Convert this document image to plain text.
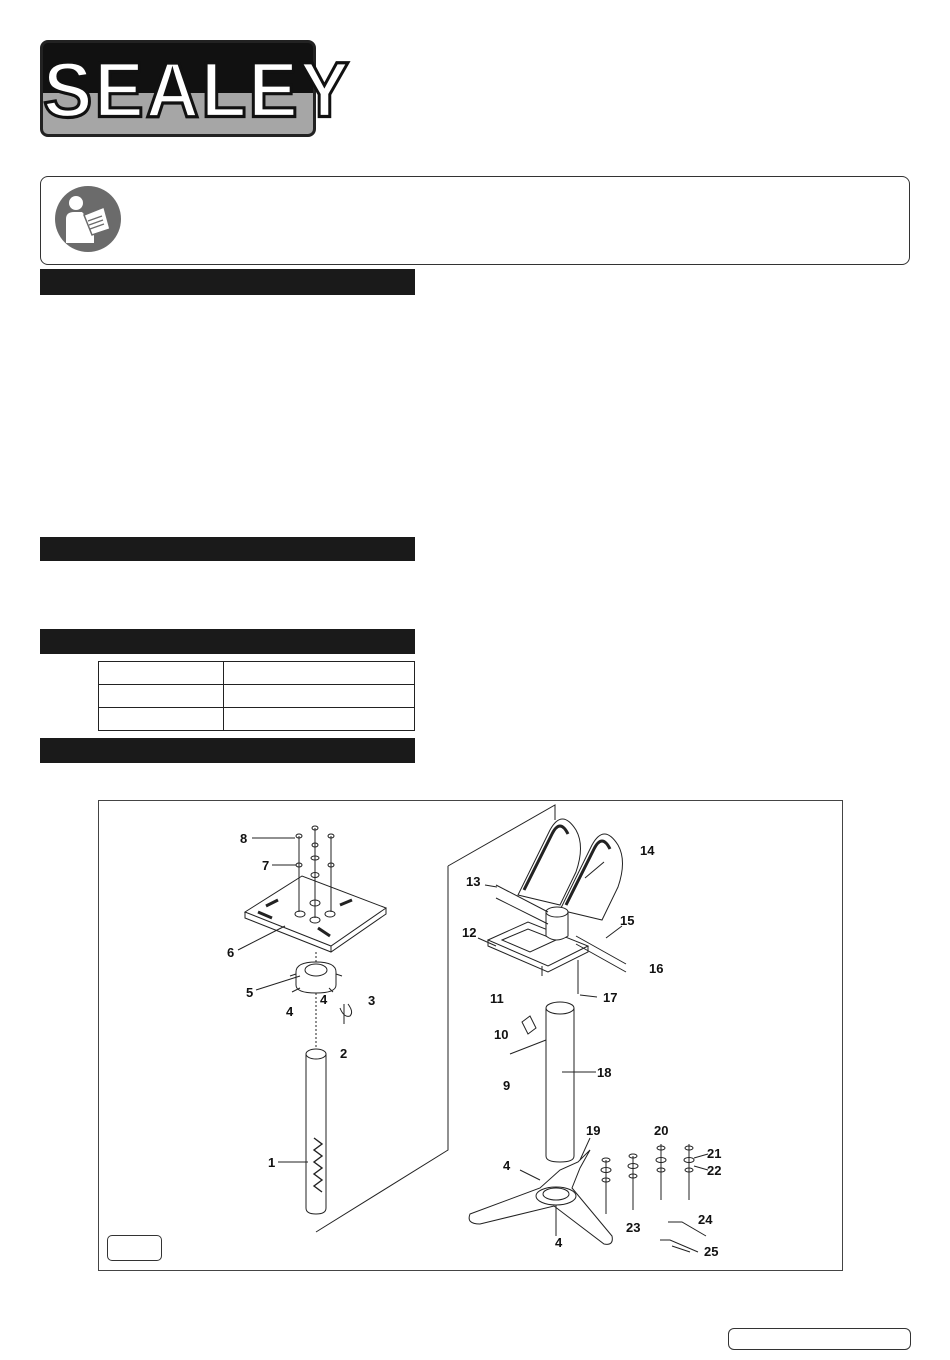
SEALEY

1
2
3
4
4
5
6
7
8
9
10
11
12
13
14
15
16
17
18
19	20
21
22
23
24
25
4
4
